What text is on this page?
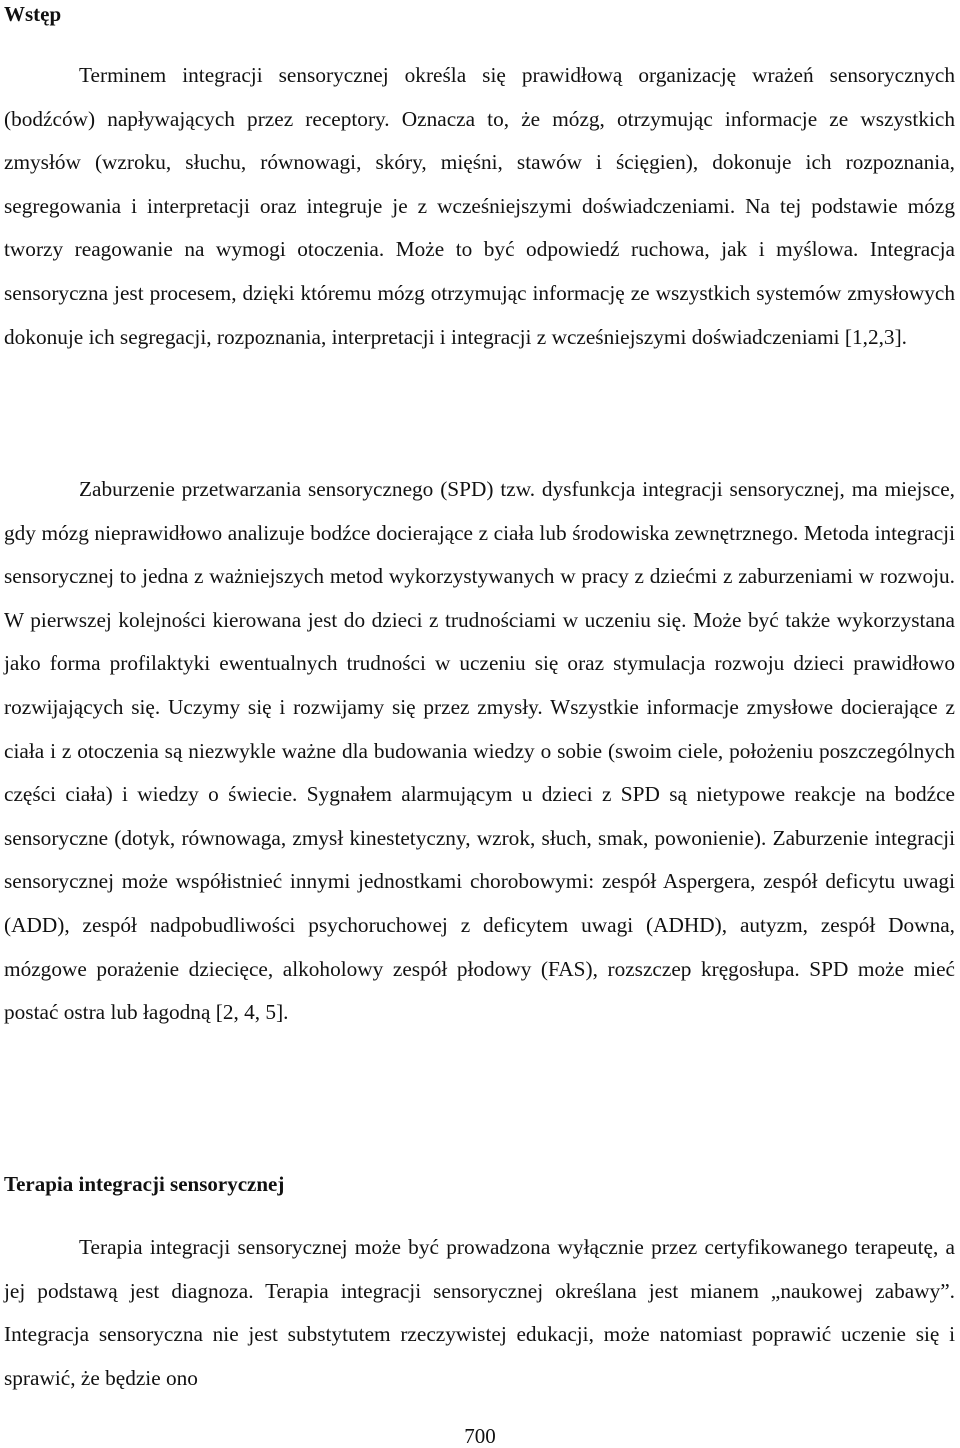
Wstęp

Terminem integracji sensorycznej określa się prawidłową organizację wrażeń sensorycznych (bodźców) napływających przez receptory. Oznacza to, że mózg, otrzymując informacje ze wszystkich zmysłów (wzroku, słuchu, równowagi, skóry, mięśni, stawów i ścięgien), dokonuje ich rozpoznania, segregowania i interpretacji oraz integruje je z wcześniejszymi doświadczeniami. Na tej podstawie mózg tworzy reagowanie na wymogi otoczenia. Może to być odpowiedź ruchowa, jak i myślowa. Integracja sensoryczna jest procesem, dzięki któremu mózg otrzymując informację ze wszystkich systemów zmysłowych dokonuje ich segregacji, rozpoznania, interpretacji i integracji z wcześniejszymi doświadczeniami [1,2,3].

Zaburzenie przetwarzania sensorycznego (SPD) tzw. dysfunkcja integracji sensorycznej, ma miejsce, gdy mózg nieprawidłowo analizuje bodźce docierające z ciała lub środowiska zewnętrznego. Metoda integracji sensorycznej to jedna z ważniejszych metod wykorzystywanych w pracy z dziećmi z zaburzeniami w rozwoju. W pierwszej kolejności kierowana jest do dzieci z trudnościami w uczeniu się. Może być także wykorzystana jako forma profilaktyki ewentualnych trudności w uczeniu się oraz stymulacja rozwoju dzieci prawidłowo rozwijających się. Uczymy się i rozwijamy się przez zmysły. Wszystkie informacje zmysłowe docierające z ciała i z otoczenia są niezwykle ważne dla budowania wiedzy o sobie (swoim ciele, położeniu poszczególnych części ciała) i wiedzy o świecie. Sygnałem alarmującym u dzieci z SPD są nietypowe reakcje na bodźce sensoryczne (dotyk, równowaga, zmysł kinestetyczny, wzrok, słuch, smak, powonienie). Zaburzenie integracji sensorycznej może współistnieć innymi jednostkami chorobowymi: zespół Aspergera, zespół deficytu uwagi (ADD), zespół nadpobudliwości psychoruchowej z deficytem uwagi (ADHD), autyzm, zespół Downa, mózgowe porażenie dziecięce, alkoholowy zespół płodowy (FAS), rozszczep kręgosłupa. SPD może mieć postać ostra lub łagodną [2, 4, 5].

Terapia integracji sensorycznej

Terapia integracji sensorycznej może być prowadzona wyłącznie przez certyfikowanego terapeutę, a jej podstawą jest diagnoza. Terapia integracji sensorycznej określana jest mianem „naukowej zabawy”. Integracja sensoryczna nie jest substytutem rzeczywistej edukacji, może natomiast poprawić uczenie się i sprawić, że będzie ono

700
